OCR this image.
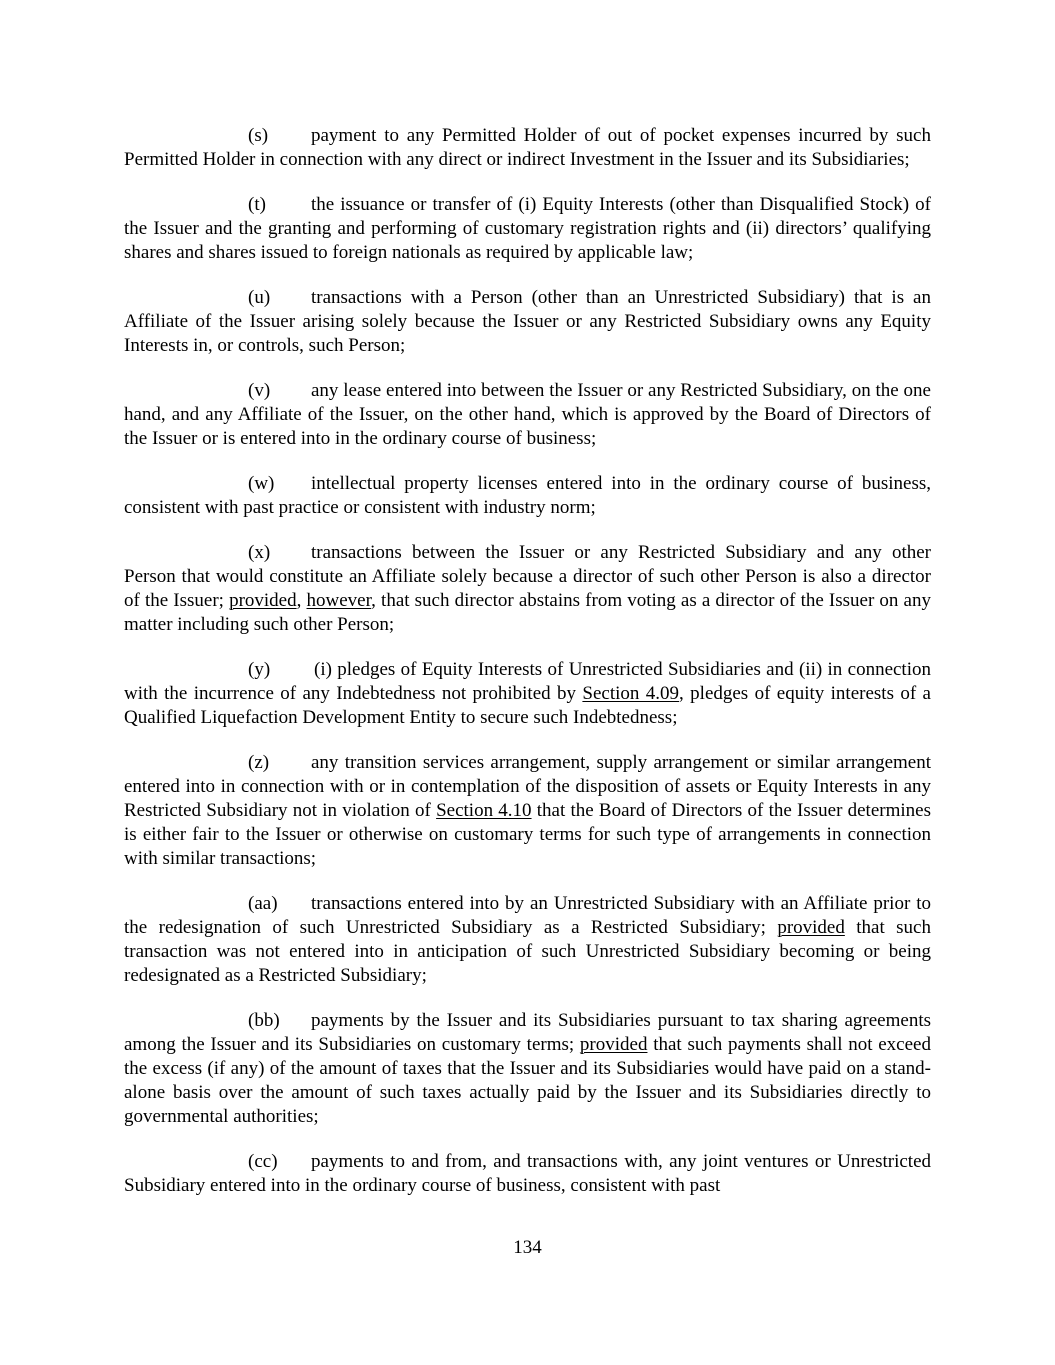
(s) payment to any Permitted Holder of out of pocket expenses incurred by such Permitted Holder in connection with any direct or indirect Investment in the Issuer and its Subsidiaries;

(t) the issuance or transfer of (i) Equity Interests (other than Disqualified Stock) of the Issuer and the granting and performing of customary registration rights and (ii) directors’ qualifying shares and shares issued to foreign nationals as required by applicable law;

(u) transactions with a Person (other than an Unrestricted Subsidiary) that is an Affiliate of the Issuer arising solely because the Issuer or any Restricted Subsidiary owns any Equity Interests in, or controls, such Person;

(v) any lease entered into between the Issuer or any Restricted Subsidiary, on the one hand, and any Affiliate of the Issuer, on the other hand, which is approved by the Board of Directors of the Issuer or is entered into in the ordinary course of business;

(w) intellectual property licenses entered into in the ordinary course of business, consistent with past practice or consistent with industry norm;

(x) transactions between the Issuer or any Restricted Subsidiary and any other Person that would constitute an Affiliate solely because a director of such other Person is also a director of the Issuer; provided, however, that such director abstains from voting as a director of the Issuer on any matter including such other Person;

(y) (i) pledges of Equity Interests of Unrestricted Subsidiaries and (ii) in connection with the incurrence of any Indebtedness not prohibited by Section 4.09, pledges of equity interests of a Qualified Liquefaction Development Entity to secure such Indebtedness;

(z) any transition services arrangement, supply arrangement or similar arrangement entered into in connection with or in contemplation of the disposition of assets or Equity Interests in any Restricted Subsidiary not in violation of Section 4.10 that the Board of Directors of the Issuer determines is either fair to the Issuer or otherwise on customary terms for such type of arrangements in connection with similar transactions;

(aa) transactions entered into by an Unrestricted Subsidiary with an Affiliate prior to the redesignation of such Unrestricted Subsidiary as a Restricted Subsidiary; provided that such transaction was not entered into in anticipation of such Unrestricted Subsidiary becoming or being redesignated as a Restricted Subsidiary;

(bb) payments by the Issuer and its Subsidiaries pursuant to tax sharing agreements among the Issuer and its Subsidiaries on customary terms; provided that such payments shall not exceed the excess (if any) of the amount of taxes that the Issuer and its Subsidiaries would have paid on a stand-alone basis over the amount of such taxes actually paid by the Issuer and its Subsidiaries directly to governmental authorities;

(cc) payments to and from, and transactions with, any joint ventures or Unrestricted Subsidiary entered into in the ordinary course of business, consistent with past

134
